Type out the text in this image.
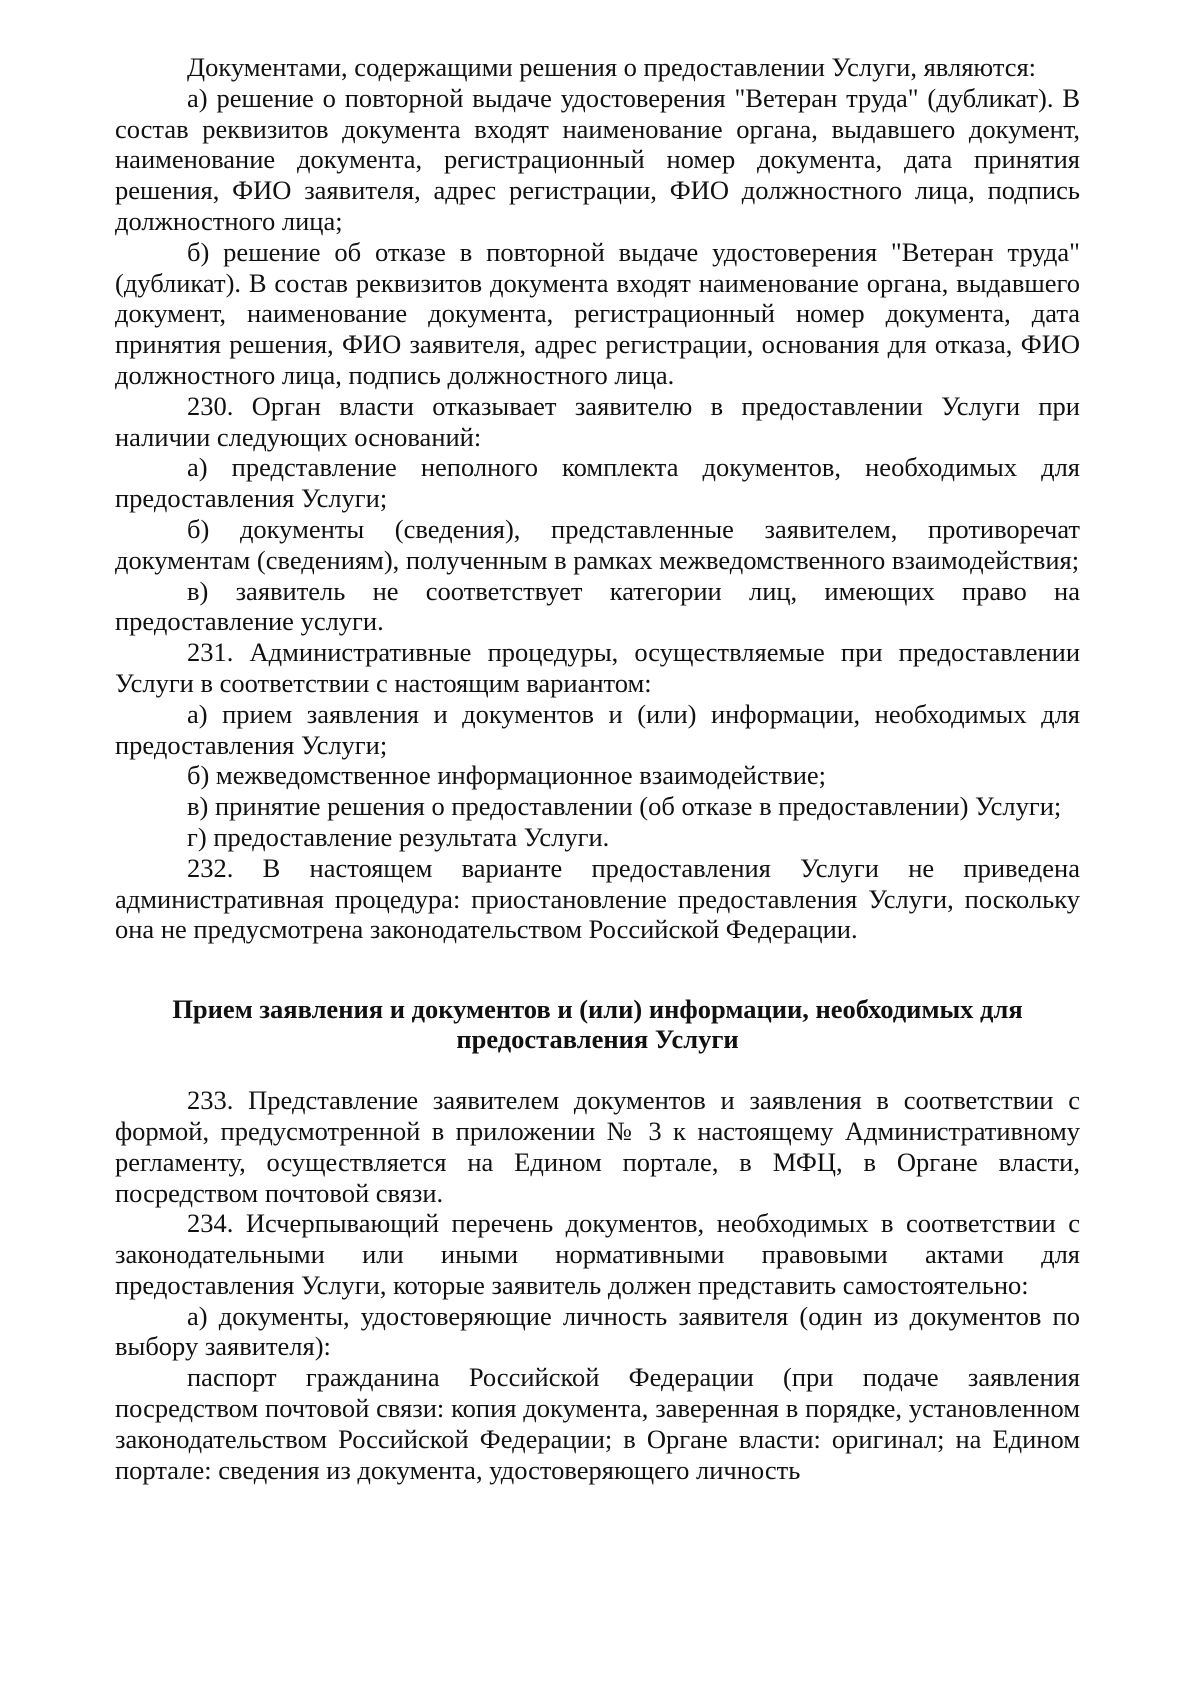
Документами, содержащими решения о предоставлении Услуги, являются:

а) решение о повторной выдаче удостоверения "Ветеран труда" (дубликат). В состав реквизитов документа входят наименование органа, выдавшего документ, наименование документа, регистрационный номер документа, дата принятия решения, ФИО заявителя, адрес регистрации, ФИО должностного лица, подпись должностного лица;

б) решение об отказе в повторной выдаче удостоверения "Ветеран труда" (дубликат). В состав реквизитов документа входят наименование органа, выдавшего документ, наименование документа, регистрационный номер документа, дата принятия решения, ФИО заявителя, адрес регистрации, основания для отказа, ФИО должностного лица, подпись должностного лица.

230. Орган власти отказывает заявителю в предоставлении Услуги при наличии следующих оснований:

а) представление неполного комплекта документов, необходимых для предоставления Услуги;

б) документы (сведения), представленные заявителем, противоречат документам (сведениям), полученным в рамках межведомственного взаимодействия;

в) заявитель не соответствует категории лиц, имеющих право на предоставление услуги.

231. Административные процедуры, осуществляемые при предоставлении Услуги в соответствии с настоящим вариантом:

а) прием заявления и документов и (или) информации, необходимых для предоставления Услуги;

б) межведомственное информационное взаимодействие;

в) принятие решения о предоставлении (об отказе в предоставлении) Услуги;

г) предоставление результата Услуги.

232. В настоящем варианте предоставления Услуги не приведена административная процедура: приостановление предоставления Услуги, поскольку она не предусмотрена законодательством Российской Федерации.

Прием заявления и документов и (или) информации, необходимых для
предоставления Услуги

233. Представление заявителем документов и заявления в соответствии с формой, предусмотренной в приложении № 3 к настоящему Административному регламенту, осуществляется на Едином портале, в МФЦ, в Органе власти, посредством почтовой связи.

234. Исчерпывающий перечень документов, необходимых в соответствии с законодательными или иными нормативными правовыми актами для предоставления Услуги, которые заявитель должен представить самостоятельно:

а) документы, удостоверяющие личность заявителя (один из документов по выбору заявителя):

паспорт гражданина Российской Федерации (при подаче заявления посредством почтовой связи: копия документа, заверенная в порядке, установленном законодательством Российской Федерации; в Органе власти: оригинал; на Едином портале: сведения из документа, удостоверяющего личность
